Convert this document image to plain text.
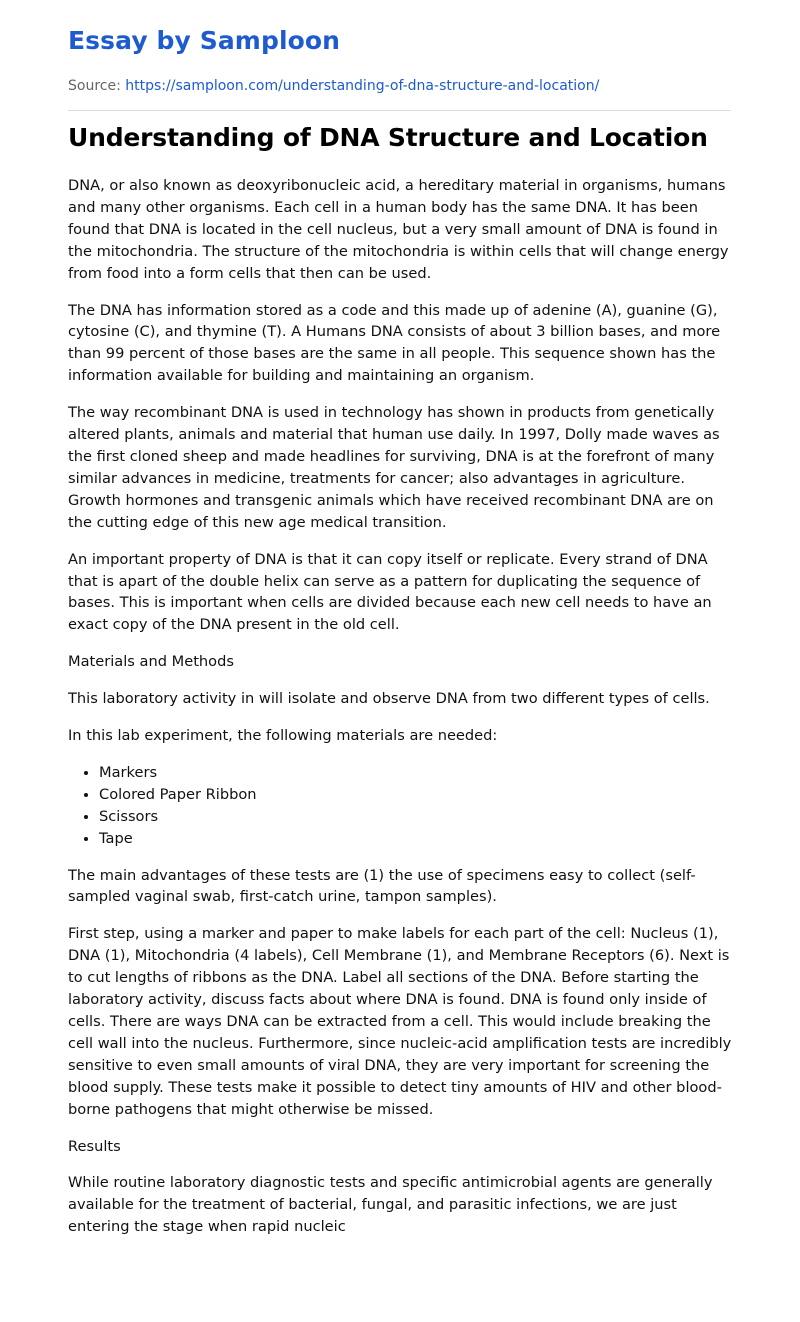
Essay by Samploon
Source: https://samploon.com/understanding-of-dna-structure-and-location/
Understanding of DNA Structure and Location

DNA, or also known as deoxyribonucleic acid, a hereditary material in organisms, humans and many other organisms. Each cell in a human body has the same DNA. It has been found that DNA is located in the cell nucleus, but a very small amount of DNA is found in the mitochondria. The structure of the mitochondria is within cells that will change energy from food into a form cells that then can be used.

The DNA has information stored as a code and this made up of adenine (A), guanine (G), cytosine (C), and thymine (T). A Humans DNA consists of about 3 billion bases, and more than 99 percent of those bases are the same in all people. This sequence shown has the information available for building and maintaining an organism.

The way recombinant DNA is used in technology has shown in products from genetically altered plants, animals and material that human use daily. In 1997, Dolly made waves as the first cloned sheep and made headlines for surviving, DNA is at the forefront of many similar advances in medicine, treatments for cancer; also advantages in agriculture. Growth hormones and transgenic animals which have received recombinant DNA are on the cutting edge of this new age medical transition.

An important property of DNA is that it can copy itself or replicate. Every strand of DNA that is apart of the double helix can serve as a pattern for duplicating the sequence of bases. This is important when cells are divided because each new cell needs to have an exact copy of the DNA present in the old cell.

Materials and Methods

This laboratory activity in will isolate and observe DNA from two different types of cells.

In this lab experiment, the following materials are needed:

• Markers
• Colored Paper Ribbon
• Scissors
• Tape

The main advantages of these tests are (1) the use of specimens easy to collect (self-sampled vaginal swab, first-catch urine, tampon samples).

First step, using a marker and paper to make labels for each part of the cell: Nucleus (1), DNA (1), Mitochondria (4 labels), Cell Membrane (1), and Membrane Receptors (6). Next is to cut lengths of ribbons as the DNA. Label all sections of the DNA. Before starting the laboratory activity, discuss facts about where DNA is found. DNA is found only inside of cells. There are ways DNA can be extracted from a cell. This would include breaking the cell wall into the nucleus. Furthermore, since nucleic-acid amplification tests are incredibly sensitive to even small amounts of viral DNA, they are very important for screening the blood supply. These tests make it possible to detect tiny amounts of HIV and other blood-borne pathogens that might otherwise be missed.

Results

While routine laboratory diagnostic tests and specific antimicrobial agents are generally available for the treatment of bacterial, fungal, and parasitic infections, we are just entering the stage when rapid nucleic
